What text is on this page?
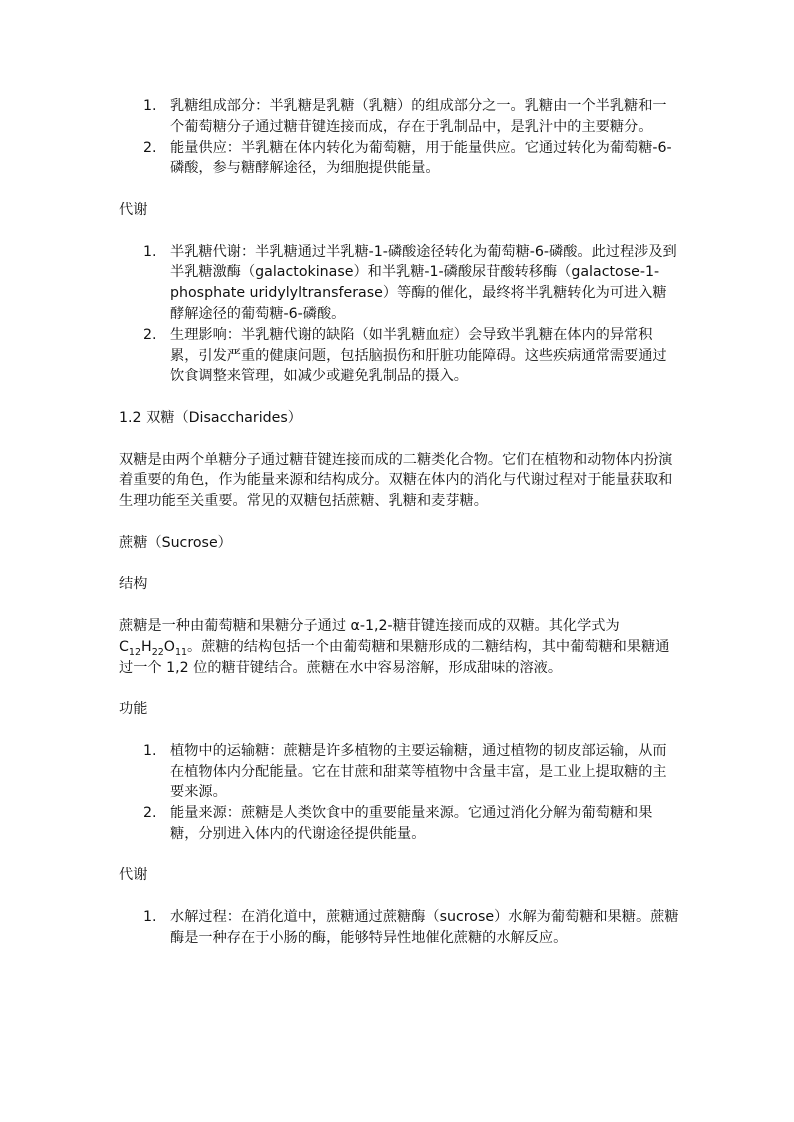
1. 乳糖组成部分：半乳糖是乳糖（乳糖）的组成部分之一。乳糖由一个半乳糖和一个葡萄糖分子通过糖苷键连接而成，存在于乳制品中，是乳汁中的主要糖分。
2. 能量供应：半乳糖在体内转化为葡萄糖，用于能量供应。它通过转化为葡萄糖-6-磷酸，参与糖酵解途径，为细胞提供能量。

代谢

1. 半乳糖代谢：半乳糖通过半乳糖-1-磷酸途径转化为葡萄糖-6-磷酸。此过程涉及到半乳糖激酶（galactokinase）和半乳糖-1-磷酸尿苷酸转移酶（galactose-1-phosphate uridylyltransferase）等酶的催化，最终将半乳糖转化为可进入糖酵解途径的葡萄糖-6-磷酸。
2. 生理影响：半乳糖代谢的缺陷（如半乳糖血症）会导致半乳糖在体内的异常积累，引发严重的健康问题，包括脑损伤和肝脏功能障碍。这些疾病通常需要通过饮食调整来管理，如减少或避免乳制品的摄入。

1.2 双糖（Disaccharides）

双糖是由两个单糖分子通过糖苷键连接而成的二糖类化合物。它们在植物和动物体内扮演着重要的角色，作为能量来源和结构成分。双糖在体内的消化与代谢过程对于能量获取和生理功能至关重要。常见的双糖包括蔗糖、乳糖和麦芽糖。

蔗糖（Sucrose）

结构

蔗糖是一种由葡萄糖和果糖分子通过 α-1,2-糖苷键连接而成的双糖。其化学式为 $C_{12}H_{22}O_{11}$。蔗糖的结构包括一个由葡萄糖和果糖形成的二糖结构，其中葡萄糖和果糖通过一个 1,2 位的糖苷键结合。蔗糖在水中容易溶解，形成甜味的溶液。

功能

1. 植物中的运输糖：蔗糖是许多植物的主要运输糖，通过植物的韧皮部运输，从而在植物体内分配能量。它在甘蔗和甜菜等植物中含量丰富，是工业上提取糖的主要来源。
2. 能量来源：蔗糖是人类饮食中的重要能量来源。它通过消化分解为葡萄糖和果糖，分别进入体内的代谢途径提供能量。

代谢

1. 水解过程：在消化道中，蔗糖通过蔗糖酶（sucrose）水解为葡萄糖和果糖。蔗糖酶是一种存在于小肠的酶，能够特异性地催化蔗糖的水解反应。
